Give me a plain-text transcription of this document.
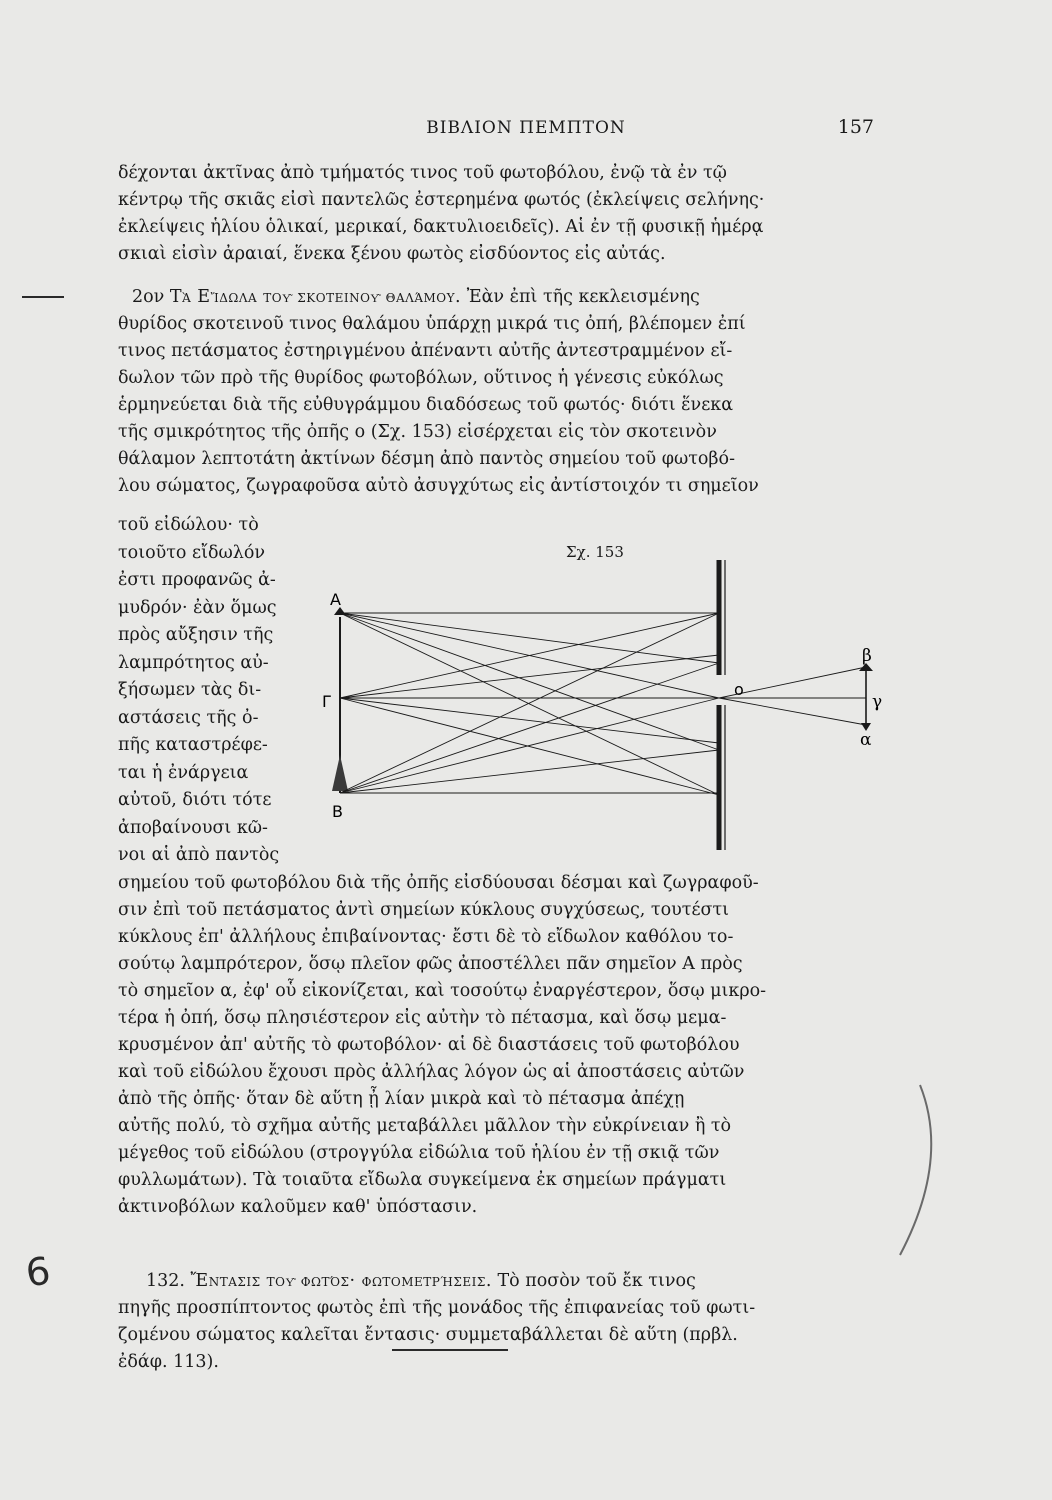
ΒΙΒΛΙΟΝ ΠΕΜΠΤΟΝ	157
δέχονται ἀκτῖνας ἀπὸ τμήματός τινος τοῦ φωτοβόλου, ἐνῷ τὰ ἐν τῷ
κέντρῳ τῆς σκιᾶς εἰσὶ παντελῶς ἐστερημένα φωτός (ἐκλείψεις σελήνης·
ἐκλείψεις ἡλίου ὁλικαί, μερικαί, δακτυλιοειδεῖς). Αἱ ἐν τῇ φυσικῇ ἡμέρᾳ
σκιαὶ εἰσὶν ἀραιαί, ἕνεκα ξένου φωτὸς εἰσδύοντος εἰς αὐτάς.
2ον Τὰ Εἴδωλα τοῦ σκοτεινοῦ θαλάμου. Ἐὰν ἐπὶ τῆς κεκλεισμένης
θυρίδος σκοτεινοῦ τινος θαλάμου ὑπάρχῃ μικρά τις ὀπή, βλέπομεν ἐπί
τινος πετάσματος ἐστηριγμένου ἀπέναντι αὐτῆς ἀντεστραμμένον εἴ-
δωλον τῶν πρὸ τῆς θυρίδος φωτοβόλων, οὕτινος ἡ γένεσις εὐκόλως
ἑρμηνεύεται διὰ τῆς εὐθυγράμμου διαδόσεως τοῦ φωτός· διότι ἕνεκα
τῆς σμικρότητος τῆς ὀπῆς ο (Σχ. 153) εἰσέρχεται εἰς τὸν σκοτεινὸν
θάλαμον λεπτοτάτη ἀκτίνων δέσμη ἀπὸ παντὸς σημείου τοῦ φωτοβό-
λου σώματος, ζωγραφοῦσα αὐτὸ ἀσυγχύτως εἰς ἀντίστοιχόν τι σημεῖον
τοῦ εἰδώλου· τὸ
τοιοῦτο εἴδωλόν
ἐστι προφανῶς ἀ-
μυδρόν· ἐὰν ὅμως
πρὸς αὔξησιν τῆς
λαμπρότητος αὐ-
ξήσωμεν τὰς δι-
αστάσεις τῆς ὀ-
πῆς καταστρέφε-
ται ἡ ἐνάργεια
αὐτοῦ, διότι τότε
ἀποβαίνουσι κῶ-
νοι αἱ ἀπὸ παντὸς
Σχ. 153
Α
Γ
Β
ο
β
γ
α
σημείου τοῦ φωτοβόλου διὰ τῆς ὀπῆς εἰσδύουσαι δέσμαι καὶ ζωγραφοῦ-
σιν ἐπὶ τοῦ πετάσματος ἀντὶ σημείων κύκλους συγχύσεως, τουτέστι
κύκλους ἐπ' ἀλλήλους ἐπιβαίνοντας· ἔστι δὲ τὸ εἴδωλον καθόλου το-
σούτῳ λαμπρότερον, ὅσῳ πλεῖον φῶς ἀποστέλλει πᾶν σημεῖον Α πρὸς
τὸ σημεῖον α, ἐφ' οὗ εἰκονίζεται, καὶ τοσούτῳ ἐναργέστερον, ὅσῳ μικρο-
τέρα ἡ ὀπή, ὅσῳ πλησιέστερον εἰς αὐτὴν τὸ πέτασμα, καὶ ὅσῳ μεμα-
κρυσμένον ἀπ' αὐτῆς τὸ φωτοβόλον· αἱ δὲ διαστάσεις τοῦ φωτοβόλου
καὶ τοῦ εἰδώλου ἔχουσι πρὸς ἀλλήλας λόγον ὡς αἱ ἀποστάσεις αὐτῶν
ἀπὸ τῆς ὀπῆς· ὅταν δὲ αὕτη ᾖ λίαν μικρὰ καὶ τὸ πέτασμα ἀπέχῃ
αὐτῆς πολύ, τὸ σχῆμα αὐτῆς μεταβάλλει μᾶλλον τὴν εὐκρίνειαν ἢ τὸ
μέγεθος τοῦ εἰδώλου (στρογγύλα εἰδώλια τοῦ ἡλίου ἐν τῇ σκιᾷ τῶν
φυλλωμάτων). Τὰ τοιαῦτα εἴδωλα συγκείμενα ἐκ σημείων πράγματι
ἀκτινοβόλων καλοῦμεν καθ' ὑπόστασιν.
132. Ἔντασις τοῦ φωτός· φωτομετρήσεις. Τὸ ποσὸν τοῦ ἔκ τινος
πηγῆς προσπίπτοντος φωτὸς ἐπὶ τῆς μονάδος τῆς ἐπιφανείας τοῦ φωτι-
ζομένου σώματος καλεῖται ἔντασις· συμμεταβάλλεται δὲ αὕτη (πρβλ.
ἐδάφ. 113).
6
